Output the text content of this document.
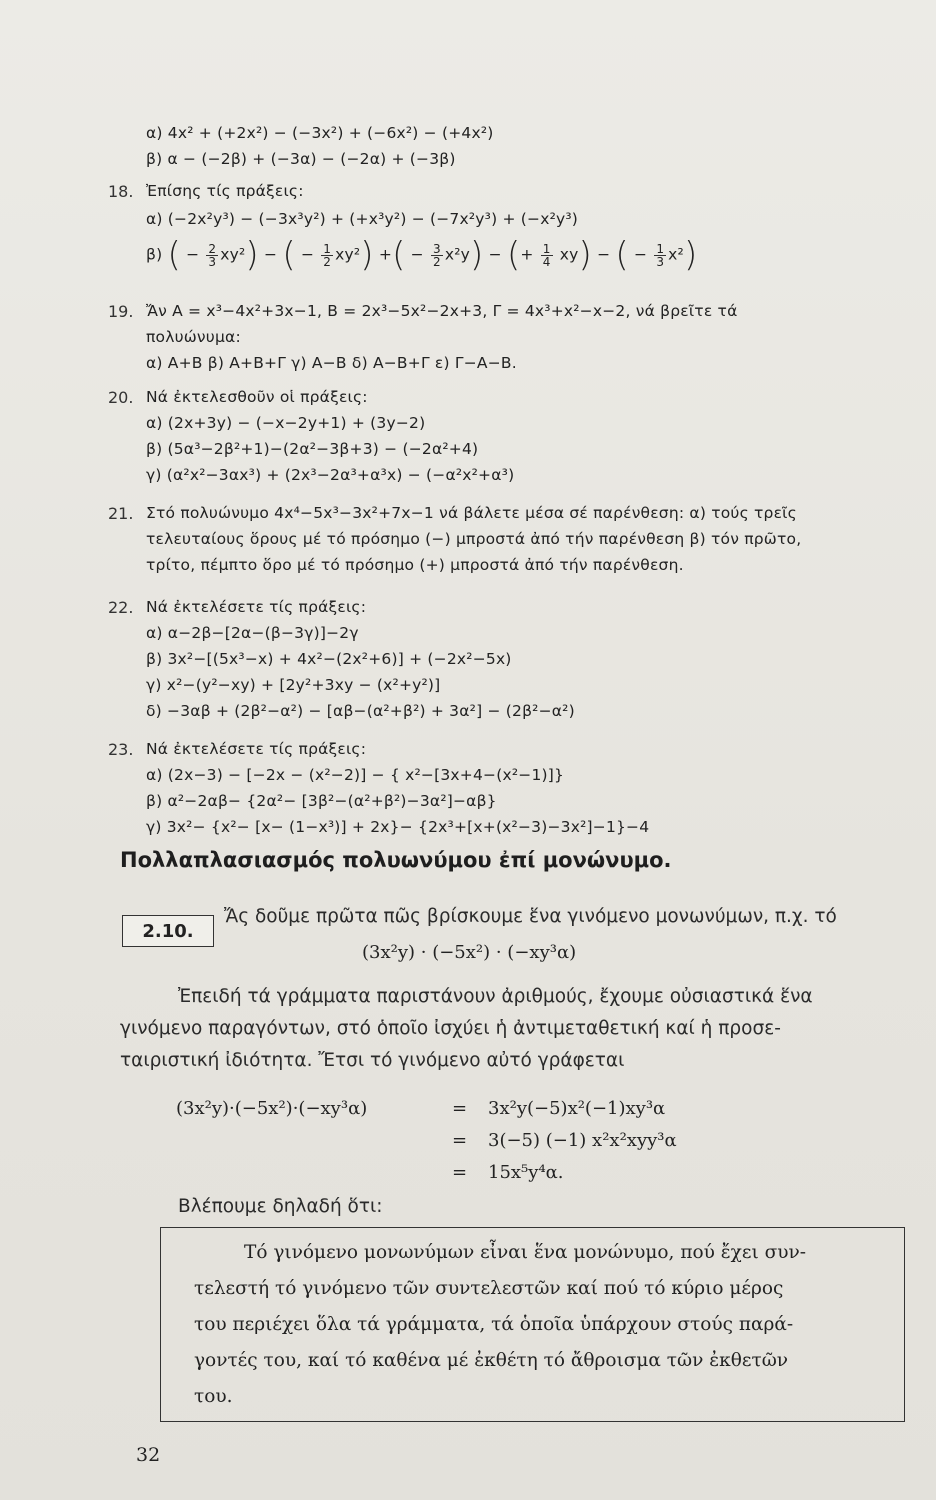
α) 4x² + (+2x²) − (−3x²) + (−6x²) − (+4x²)
β) α − (−2β) + (−3α) − (−2α) + (−3β)
18. Ἐπίσης τίς πράξεις:
α) (−2x²y³) − (−3x³y²) + (+x³y²) − (−7x²y³) + (−x²y³)
β) ( − $\frac{2}{3} xy^2$) − ( − $\frac{1}{2} xy^2$) +( − $\frac{3}{2} x^2y$) − (+ $\frac{1}{4} xy$) − ( − $\frac{1}{3} x^2$)
19. Ἄν A = x³−4x²+3x−1, B = 2x³−5x²−2x+3, Γ = 4x³+x²−x−2, νά βρεῖτε τά
πολυώνυμα:
α) A+B β) A+B+Γ γ) A−B δ) A−B+Γ ε) Γ−A−B.
20. Νά ἐκτελεσθοῦν οἱ πράξεις:
α) (2x+3y) − (−x−2y+1) + (3y−2)
β) (5α³−2β²+1)−(2α²−3β+3) − (−2α²+4)
γ) (α²x²−3αx³) + (2x³−2α³+α³x) − (−α²x²+α³)
21. Στό πολυώνυμο 4x⁴−5x³−3x²+7x−1 νά βάλετε μέσα σέ παρένθεση: α) τούς τρεῖς
τελευταίους ὅρους μέ τό πρόσημο (−) μπροστά ἀπό τήν παρένθεση β) τόν πρῶτο,
τρίτο, πέμπτο ὅρο μέ τό πρόσημο (+) μπροστά ἀπό τήν παρένθεση.
22. Νά ἐκτελέσετε τίς πράξεις:
α) α−2β−[2α−(β−3γ)]−2γ
β) 3x²−[(5x³−x) + 4x²−(2x²+6)] + (−2x²−5x)
γ) x²−(y²−xy) + [2y²+3xy − (x²+y²)]
δ) −3αβ + (2β²−α²) − [αβ−(α²+β²) + 3α²] − (2β²−α²)
23. Νά ἐκτελέσετε τίς πράξεις:
α) (2x−3) − [−2x − (x²−2)] − { x²−[3x+4−(x²−1)]}
β) α²−2αβ− {2α²− [3β²−(α²+β²)−3α²]−αβ}
γ) 3x²− {x²− [x− (1−x³)] + 2x}− {2x³+[x+(x²−3)−3x²]−1}−4
Πολλαπλασιασμός πολυωνύμου ἐπί μονώνυμο.
2.10.
Ἄς δοῦμε πρῶτα πῶς βρίσκουμε ἕνα γινόμενο μονωνύμων, π.χ. τό
(3x²y) · (−5x²) · (−xy³α)
Ἐπειδή τά γράμματα παριστάνουν ἀριθμούς, ἔχουμε οὐσιαστικά ἕνα
γινόμενο παραγόντων, στό ὁποῖο ἰσχύει ἡ ἀντιμεταθετική καί ἡ προσε-
ταιριστική ἰδιότητα. Ἔτσι τό γινόμενο αὐτό γράφεται
(3x²y)·(−5x²)·(−xy³α)	= 3x²y(−5)x²(−1)xy³α
= 3(−5) (−1) x²x²xyy³α
= 15x⁵y⁴α.
Βλέπουμε δηλαδή ὅτι:
Τό γινόμενο μονωνύμων εἶναι ἕνα μονώνυμο, πού ἔχει συν-
τελεστή τό γινόμενο τῶν συντελεστῶν καί πού τό κύριο μέρος
του περιέχει ὅλα τά γράμματα, τά ὁποῖα ὑπάρχουν στούς παρά-
γοντές του, καί τό καθένα μέ ἐκθέτη τό ἄθροισμα τῶν ἐκθετῶν
του.
32
